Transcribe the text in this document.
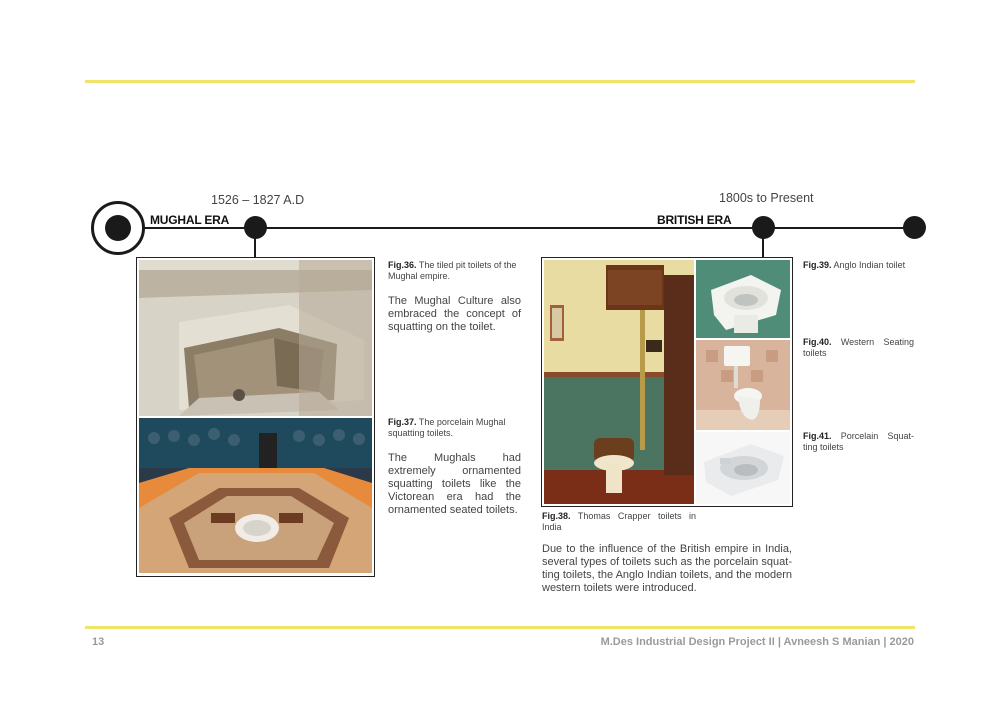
MUGHAL ERA
1526 – 1827 A.D
BRITISH ERA
1800s to Present
Fig.36. The tiled pit toilets of the Mughal empire.
The Mughal Culture also embraced the concept of squatting on the toilet.
Fig.37. The porcelain Mughal squatting toilets.
The Mughals had extremely ornamented squatting toilets like the Victorean era had the ornamented seated toilets.	Fig.38. Thomas Crapper toilets in India
Due to the influence of the British empire in India, several types of toilets such as the porcelain squat-ting toilets, the Anglo Indian toilets, and the modern western toilets were introduced.
Fig.39. Anglo Indian toilet
Fig.40. Western Seating toilets
Fig.41. Porcelain Squat-ting toilets
13	M.Des Industrial Design Project II | Avneesh S Manian | 2020
